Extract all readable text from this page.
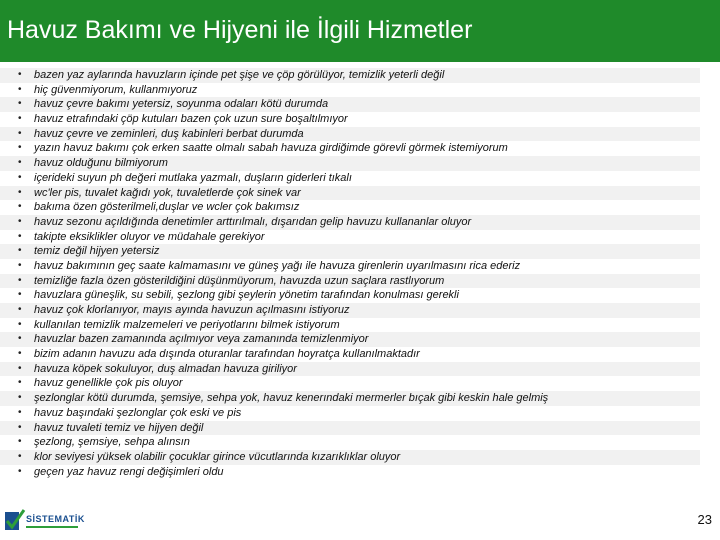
Havuz Bakımı ve Hijyeni ile İlgili Hizmetler
• bazen yaz aylarında havuzların içinde pet şişe ve çöp görülüyor, temizlik yeterli değil
• hiç güvenmiyorum, kullanmıyoruz
• havuz çevre bakımı yetersiz, soyunma odaları kötü durumda
• havuz etrafındaki çöp kutuları bazen çok uzun sure boşaltılmıyor
• havuz çevre ve zeminleri, duş kabinleri berbat durumda
• yazın havuz bakımı çok erken saatte olmalı sabah havuza girdiğimde görevli görmek istemiyorum
• havuz olduğunu bilmiyorum
• içerideki suyun ph değeri mutlaka yazmalı, duşların giderleri tıkalı
• wc'ler pis, tuvalet kağıdı yok, tuvaletlerde çok sinek var
• bakıma özen gösterilmeli,duşlar ve wcler çok bakımsız
• havuz sezonu açıldığında denetimler arttırılmalı, dışarıdan gelip havuzu kullananlar oluyor
• takipte eksiklikler oluyor ve müdahale gerekiyor
• temiz değil hijyen yetersiz
• havuz bakımının geç saate kalmamasını ve güneş yağı ile havuza girenlerin uyarılmasını rica ederiz
• temizliğe fazla özen gösterildiğini düşünmüyorum, havuzda uzun saçlara rastlıyorum
• havuzlara güneşlik, su sebili, şezlong gibi şeylerin yönetim tarafından konulması gerekli
• havuz çok klorlanıyor, mayıs ayında havuzun açılmasını istiyoruz
• kullanılan temizlik malzemeleri ve periyotlarını bilmek istiyorum
• havuzlar bazen zamanında açılmıyor veya zamanında temizlenmiyor
• bizim adanın havuzu ada dışında oturanlar tarafından hoyratça kullanılmaktadır
• havuza köpek sokuluyor, duş almadan havuza giriliyor
• havuz genellikle çok pis oluyor
• şezlonglar kötü durumda, şemsiye, sehpa yok, havuz kenerındaki mermerler bıçak gibi keskin hale gelmiş
• havuz başındaki şezlonglar çok eski ve pis
• havuz tuvaleti temiz ve hijyen değil
• şezlong, şemsiye, sehpa alınsın
• klor seviyesi yüksek olabilir çocuklar girince vücutlarında kızarıklıklar oluyor
• geçen yaz havuz rengi değişimleri oldu
SİSTEMATİK	23
